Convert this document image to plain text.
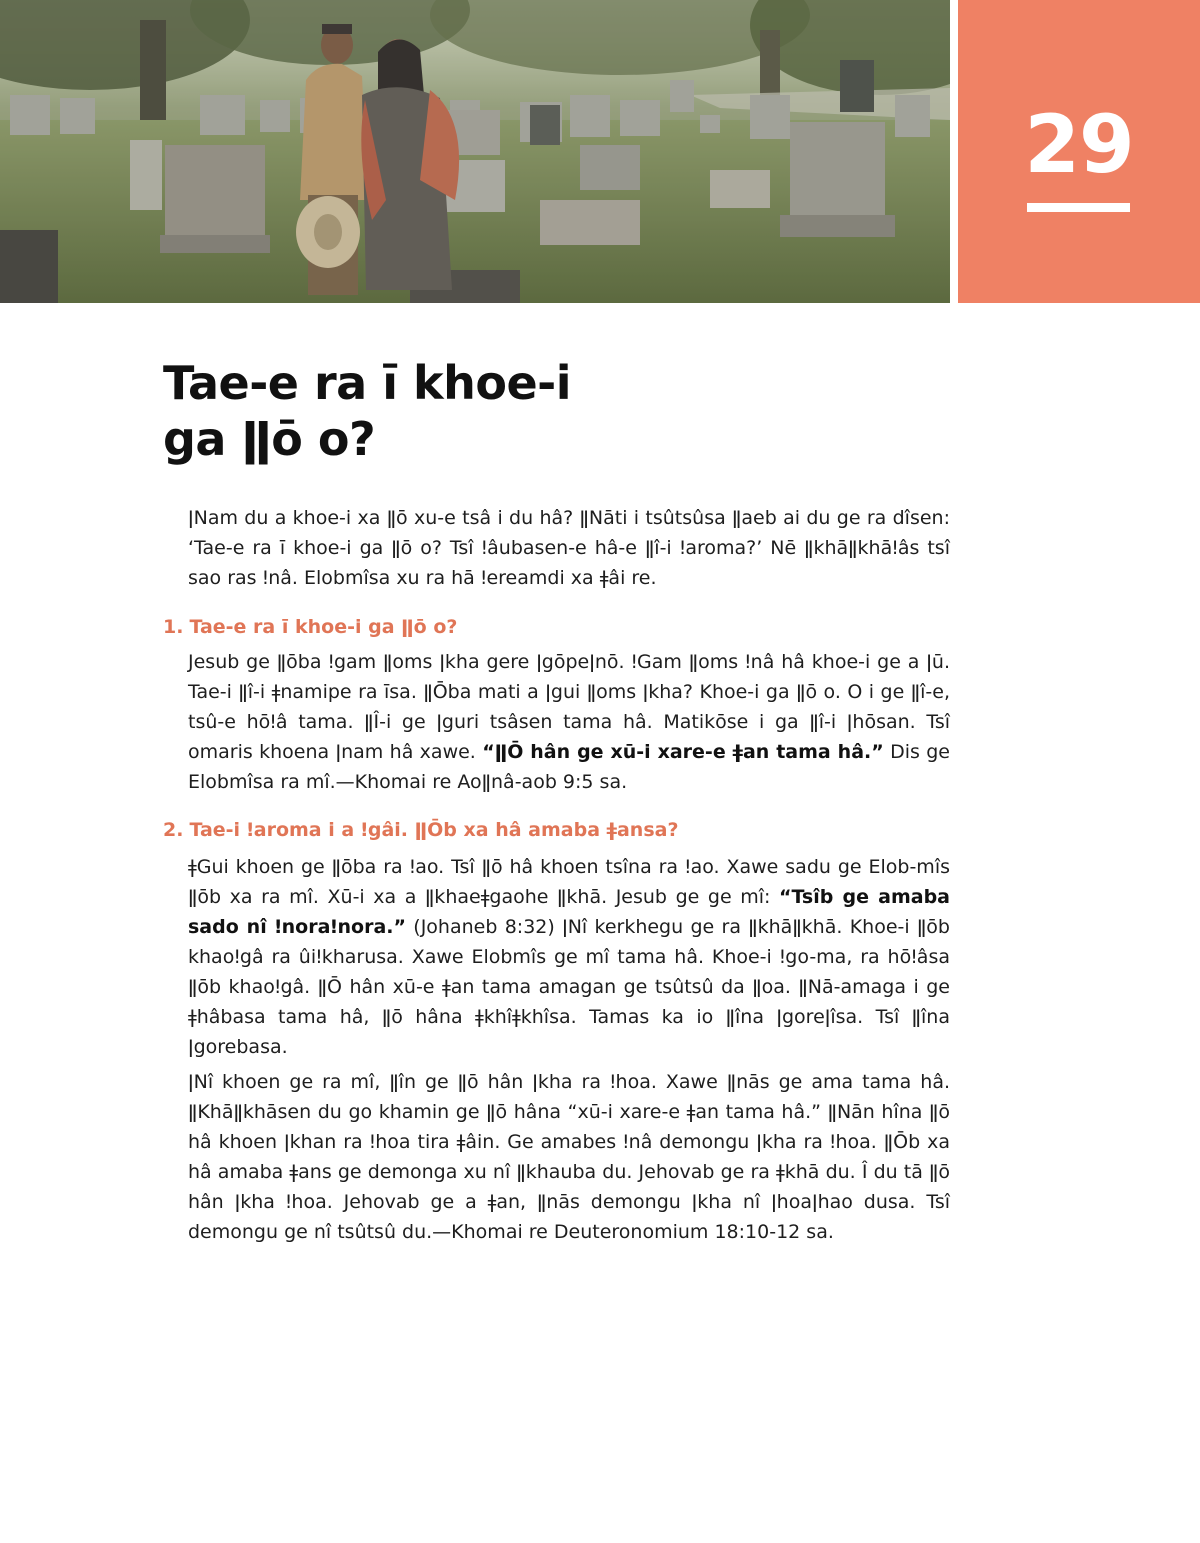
29
Tae-e ra ī khoe-i
ga ǁō o?

ǀNam du a khoe-i xa ǁō xu-e tsâ i du hâ? ǁNāti i tsûtsûsa ǁaeb ai du ge ra dîsen: ‘Tae-e ra ī khoe-i ga ǁō o? Tsî ǃâubasen-e hâ-e ǁî-i ǃaroma?’ Nē ǁkhāǁkhāǃâs tsî sao ras ǃnâ. Elobmîsa xu ra hā ǃereamdi xa ǂâi re.

1. Tae-e ra ī khoe-i ga ǁō o?

Jesub ge ǁōba ǃgam ǁoms ǀkha gere ǀgōpeǀnō. ǃGam ǁoms ǃnâ hâ khoe-i ge a ǀū. Tae-i ǁî-i ǂnamipe ra īsa. ǁŌba mati a ǀgui ǁoms ǀkha? Khoe-i ga ǁō o. O i ge ǁî-e, tsû-e hōǃâ tama. ǁÎ-i ge ǀguri tsâsen tama hâ. Matikōse i ga ǁî-i ǀhōsan. Tsî omaris khoena ǀnam hâ xawe. “ǁŌ hân ge xū-i xare-e ǂan tama hâ.” Dis ge Elobmîsa ra mî.—Khomai re Aoǁnâ-aob 9:5 sa.

2. Tae-i ǃaroma i a ǃgâi. ǁŌb xa hâ amaba ǂansa?

ǂGui khoen ge ǁōba ra ǃao. Tsî ǁō hâ khoen tsîna ra ǃao. Xawe sadu ge Elob-mîs ǁōb xa ra mî. Xū-i xa a ǁkhaeǂgaohe ǁkhā. Jesub ge ge mî: “Tsîb ge amaba sado nî ǃnoraǃnora.” (Johaneb 8:32) ǀNî kerkhegu ge ra ǁkhāǁkhā. Khoe-i ǁōb khaoǃgâ ra ûiǃkharusa. Xawe Elobmîs ge mî tama hâ. Khoe-i ǃgo-ma, ra hōǃâsa ǁōb khaoǃgâ. ǁŌ hân xū-e ǂan tama amagan ge tsûtsû da ǁoa. ǁNā-amaga i ge ǂhâbasa tama hâ, ǁō hâna ǂkhîǂkhîsa. Tamas ka io ǁîna ǀgoreǀîsa. Tsî ǁîna ǀgorebasa.

ǀNî khoen ge ra mî, ǁîn ge ǁō hân ǀkha ra ǃhoa. Xawe ǁnās ge ama tama hâ. ǁKhāǁkhāsen du go khamin ge ǁō hâna “xū-i xare-e ǂan tama hâ.” ǁNān hîna ǁō hâ khoen ǀkhan ra ǃhoa tira ǂâin. Ge amabes ǃnâ demongu ǀkha ra ǃhoa. ǁŌb xa hâ amaba ǂans ge demonga xu nî ǁkhauba du. Jehovab ge ra ǂkhā du. Î du tā ǁō hân ǀkha ǃhoa. Jehovab ge a ǂan, ǁnās demongu ǀkha nî ǀhoaǀhao dusa. Tsî demongu ge nî tsûtsû du.—Khomai re Deuteronomium 18:10-12 sa.
